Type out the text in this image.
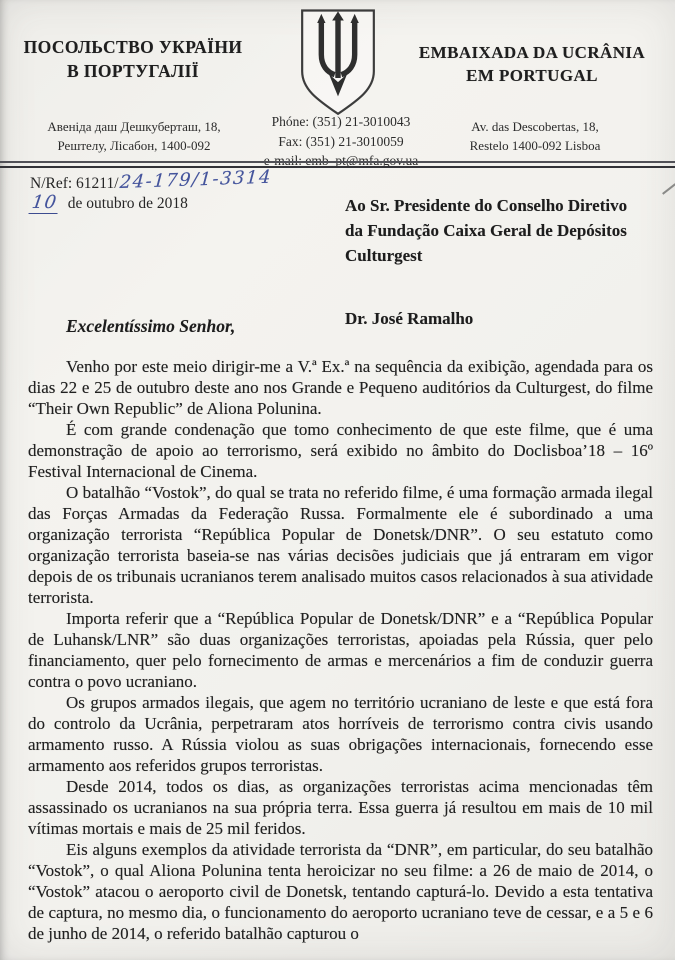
ПОСОЛЬСТВО УКРАЇНИ
В ПОРТУГАЛІЇ
EMBAIXADA DA UCRÂNIA
EM PORTUGAL
Авеніда даш Дешкуберташ, 18,
Рештелу, Лісабон, 1400-092
Phóne: (351) 21-3010043
Fax: (351) 21-3010059
e-mail: emb_pt@mfa.gov.ua
Av. das Descobertas, 18,
Restelo 1400-092 Lisboa
N/Ref: 61211/24-179/1-3314
10 de outubro de 2018	Ao Sr. Presidente do Conselho Diretivo
da Fundação Caixa Geral de Depósitos
Culturgest
Dr. José Ramalho
Excelentíssimo Senhor,

Venho por este meio dirigir-me a V.ª Ex.ª na sequência da exibição, agendada para os dias 22 e 25 de outubro deste ano nos Grande e Pequeno auditórios da Culturgest, do filme “Their Own Republic” de Aliona Polunina.

É com grande condenação que tomo conhecimento de que este filme, que é uma demonstração de apoio ao terrorismo, será exibido no âmbito do Doclisboa’18 – 16º Festival Internacional de Cinema.

O batalhão “Vostok”, do qual se trata no referido filme, é uma formação armada ilegal das Forças Armadas da Federação Russa. Formalmente ele é subordinado a uma organização terrorista “República Popular de Donetsk/DNR”. O seu estatuto como organização terrorista baseia-se nas várias decisões judiciais que já entraram em vigor depois de os tribunais ucranianos terem analisado muitos casos relacionados à sua atividade terrorista.

Importa referir que a “República Popular de Donetsk/DNR” e a “República Popular de Luhansk/LNR” são duas organizações terroristas, apoiadas pela Rússia, quer pelo financiamento, quer pelo fornecimento de armas e mercenários a fim de conduzir guerra contra o povo ucraniano.

Os grupos armados ilegais, que agem no território ucraniano de leste e que está fora do controlo da Ucrânia, perpetraram atos horríveis de terrorismo contra civis usando armamento russo. A Rússia violou as suas obrigações internacionais, fornecendo esse armamento aos referidos grupos terroristas.

Desde 2014, todos os dias, as organizações terroristas acima mencionadas têm assassinado os ucranianos na sua própria terra. Essa guerra já resultou em mais de 10 mil vítimas mortais e mais de 25 mil feridos.

Eis alguns exemplos da atividade terrorista da “DNR”, em particular, do seu batalhão “Vostok”, o qual Aliona Polunina tenta heroicizar no seu filme: a 26 de maio de 2014, o “Vostok” atacou o aeroporto civil de Donetsk, tentando capturá-lo. Devido a esta tentativa de captura, no mesmo dia, o funcionamento do aeroporto ucraniano teve de cessar, e a 5 e 6 de junho de 2014, o referido batalhão capturou o
